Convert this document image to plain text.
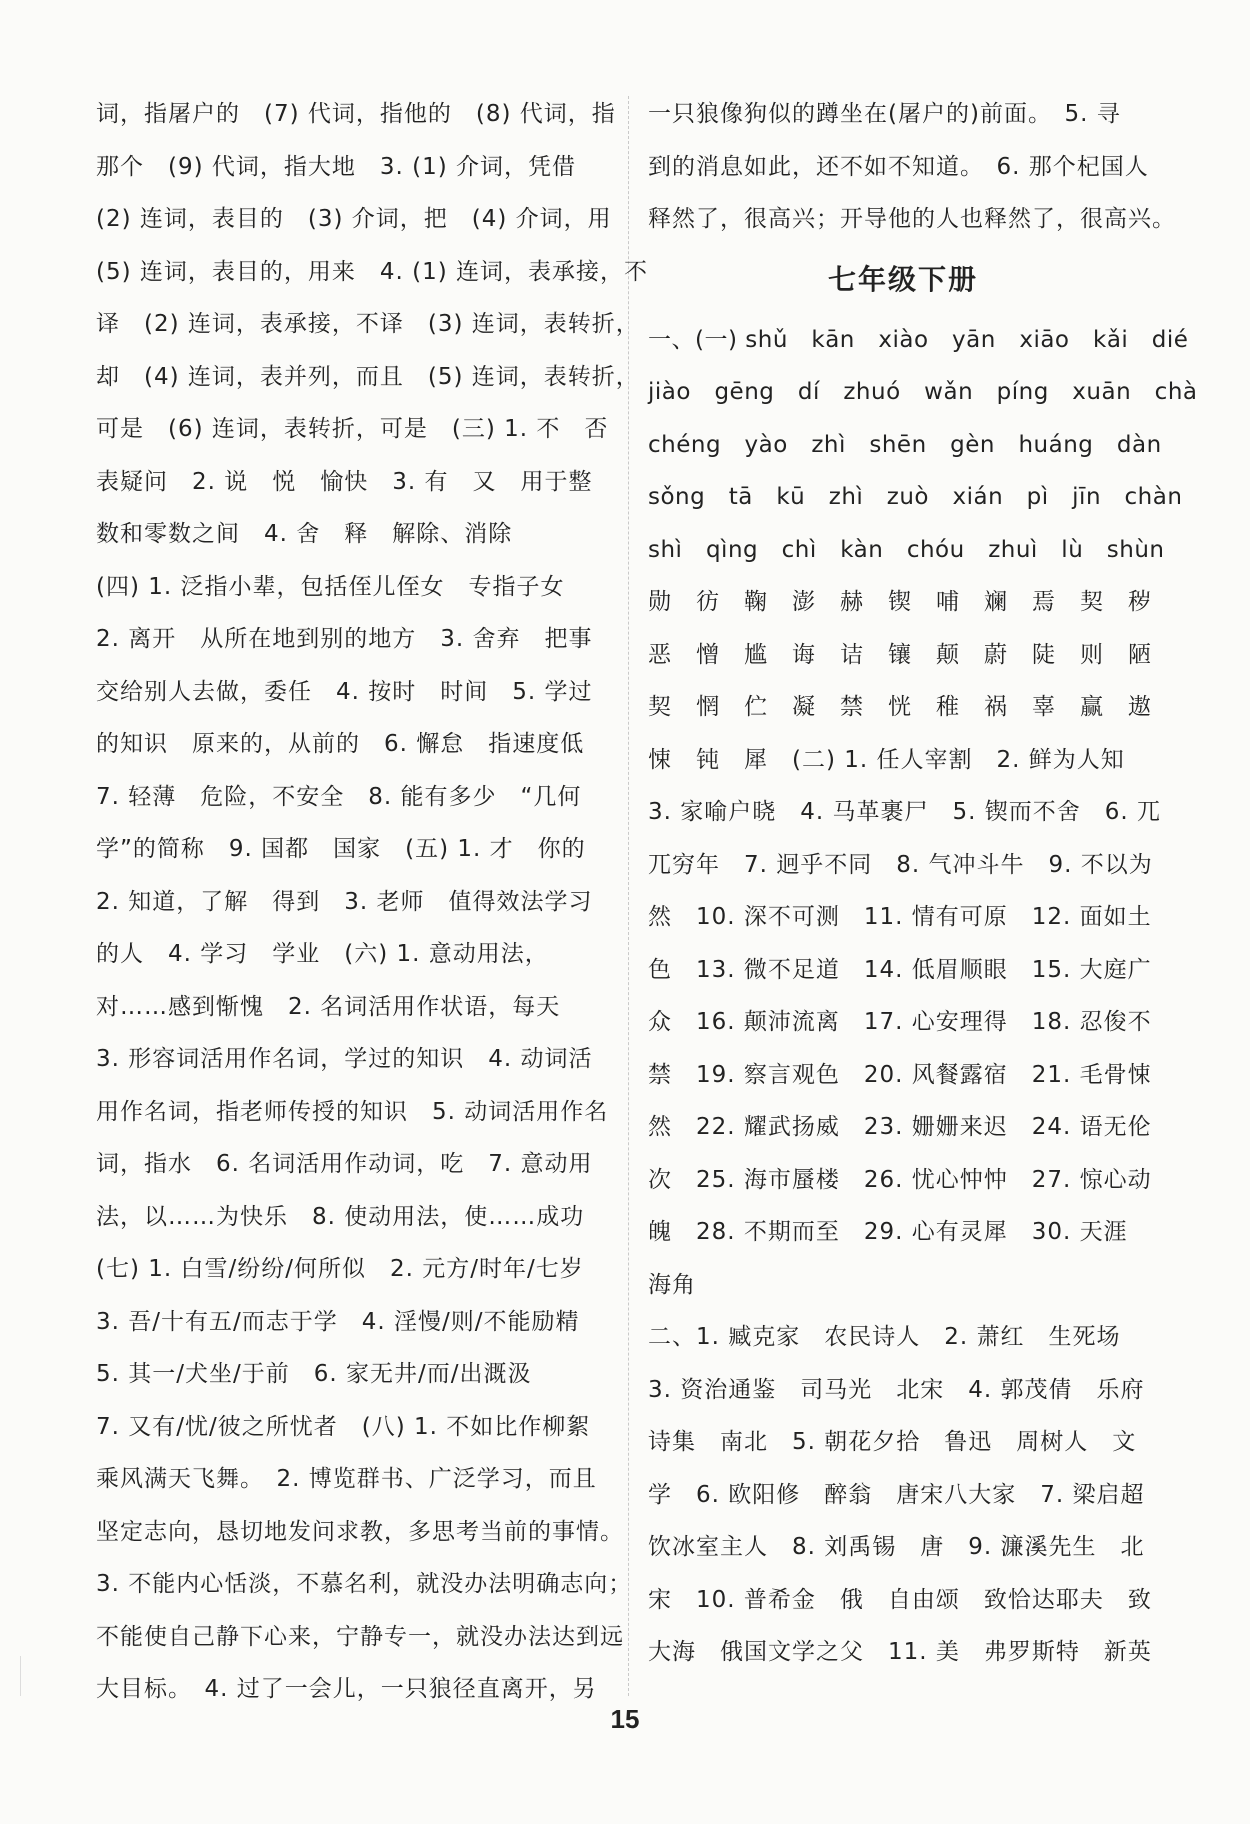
词，指屠户的　(7) 代词，指他的　(8) 代词，指
那个　(9) 代词，指大地　3. (1) 介词，凭借
(2) 连词，表目的　(3) 介词，把　(4) 介词，用
(5) 连词，表目的，用来　4. (1) 连词，表承接，不
译　(2) 连词，表承接，不译　(3) 连词，表转折，
却　(4) 连词，表并列，而且　(5) 连词，表转折，
可是　(6) 连词，表转折，可是　(三) 1. 不　否
表疑问　2. 说　悦　愉快　3. 有　又　用于整
数和零数之间　4. 舍　释　解除、消除
(四) 1. 泛指小辈，包括侄儿侄女　专指子女
2. 离开　从所在地到别的地方　3. 舍弃　把事
交给别人去做，委任　4. 按时　时间　5. 学过
的知识　原来的，从前的　6. 懈怠　指速度低
7. 轻薄　危险，不安全　8. 能有多少　“几何
学”的简称　9. 国都　国家　(五) 1. 才　你的
2. 知道，了解　得到　3. 老师　值得效法学习
的人　4. 学习　学业　(六) 1. 意动用法，
对……感到惭愧　2. 名词活用作状语，每天
3. 形容词活用作名词，学过的知识　4. 动词活
用作名词，指老师传授的知识　5. 动词活用作名
词，指水　6. 名词活用作动词，吃　7. 意动用
法，以……为快乐　8. 使动用法，使……成功
(七) 1. 白雪/纷纷/何所似　2. 元方/时年/七岁
3. 吾/十有五/而志于学　4. 淫慢/则/不能励精
5. 其一/犬坐/于前　6. 家无井/而/出溉汲
7. 又有/忧/彼之所忧者　(八) 1. 不如比作柳絮
乘风满天飞舞。　2. 博览群书、广泛学习，而且
坚定志向，恳切地发问求教，多思考当前的事情。
3. 不能内心恬淡，不慕名利，就没办法明确志向；
不能使自己静下心来，宁静专一，就没办法达到远
大目标。　4. 过了一会儿，一只狼径直离开，另
一只狼像狗似的蹲坐在(屠户的)前面。　5. 寻
到的消息如此，还不如不知道。　6. 那个杞国人
释然了，很高兴；开导他的人也释然了，很高兴。
七年级下册
一、(一) shǔ　kān　xiào　yān　xiāo　kǎi　dié
jiào　gēng　dí　zhuó　wǎn　píng　xuān　chà
chéng　yào　zhì　shēn　gèn　huáng　dàn
sǒng　tā　kū　zhì　zuò　xián　pì　jīn　chàn
shì　qìng　chì　kàn　chóu　zhuì　lù　shùn
勋　彷　鞠　澎　赫　锲　哺　斓　焉　契　秽
恶　憎　尴　诲　诘　镶　颠　蔚　陡　则　陋
契　惘　伫　凝　禁　恍　稚　祸　辜　赢　遨
悚　钝　犀　(二) 1. 任人宰割　2. 鲜为人知
3. 家喻户晓　4. 马革裹尸　5. 锲而不舍　6. 兀
兀穷年　7. 迥乎不同　8. 气冲斗牛　9. 不以为
然　10. 深不可测　11. 情有可原　12. 面如土
色　13. 微不足道　14. 低眉顺眼　15. 大庭广
众　16. 颠沛流离　17. 心安理得　18. 忍俊不
禁　19. 察言观色　20. 风餐露宿　21. 毛骨悚
然　22. 耀武扬威　23. 姗姗来迟　24. 语无伦
次　25. 海市蜃楼　26. 忧心忡忡　27. 惊心动
魄　28. 不期而至　29. 心有灵犀　30. 天涯
海角
二、1. 臧克家　农民诗人　2. 萧红　生死场
3. 资治通鉴　司马光　北宋　4. 郭茂倩　乐府
诗集　南北　5. 朝花夕拾　鲁迅　周树人　文
学　6. 欧阳修　醉翁　唐宋八大家　7. 梁启超
饮冰室主人　8. 刘禹锡　唐　9. 濂溪先生　北
宋　10. 普希金　俄　自由颂　致恰达耶夫　致
大海　俄国文学之父　11. 美　弗罗斯特　新英
15
